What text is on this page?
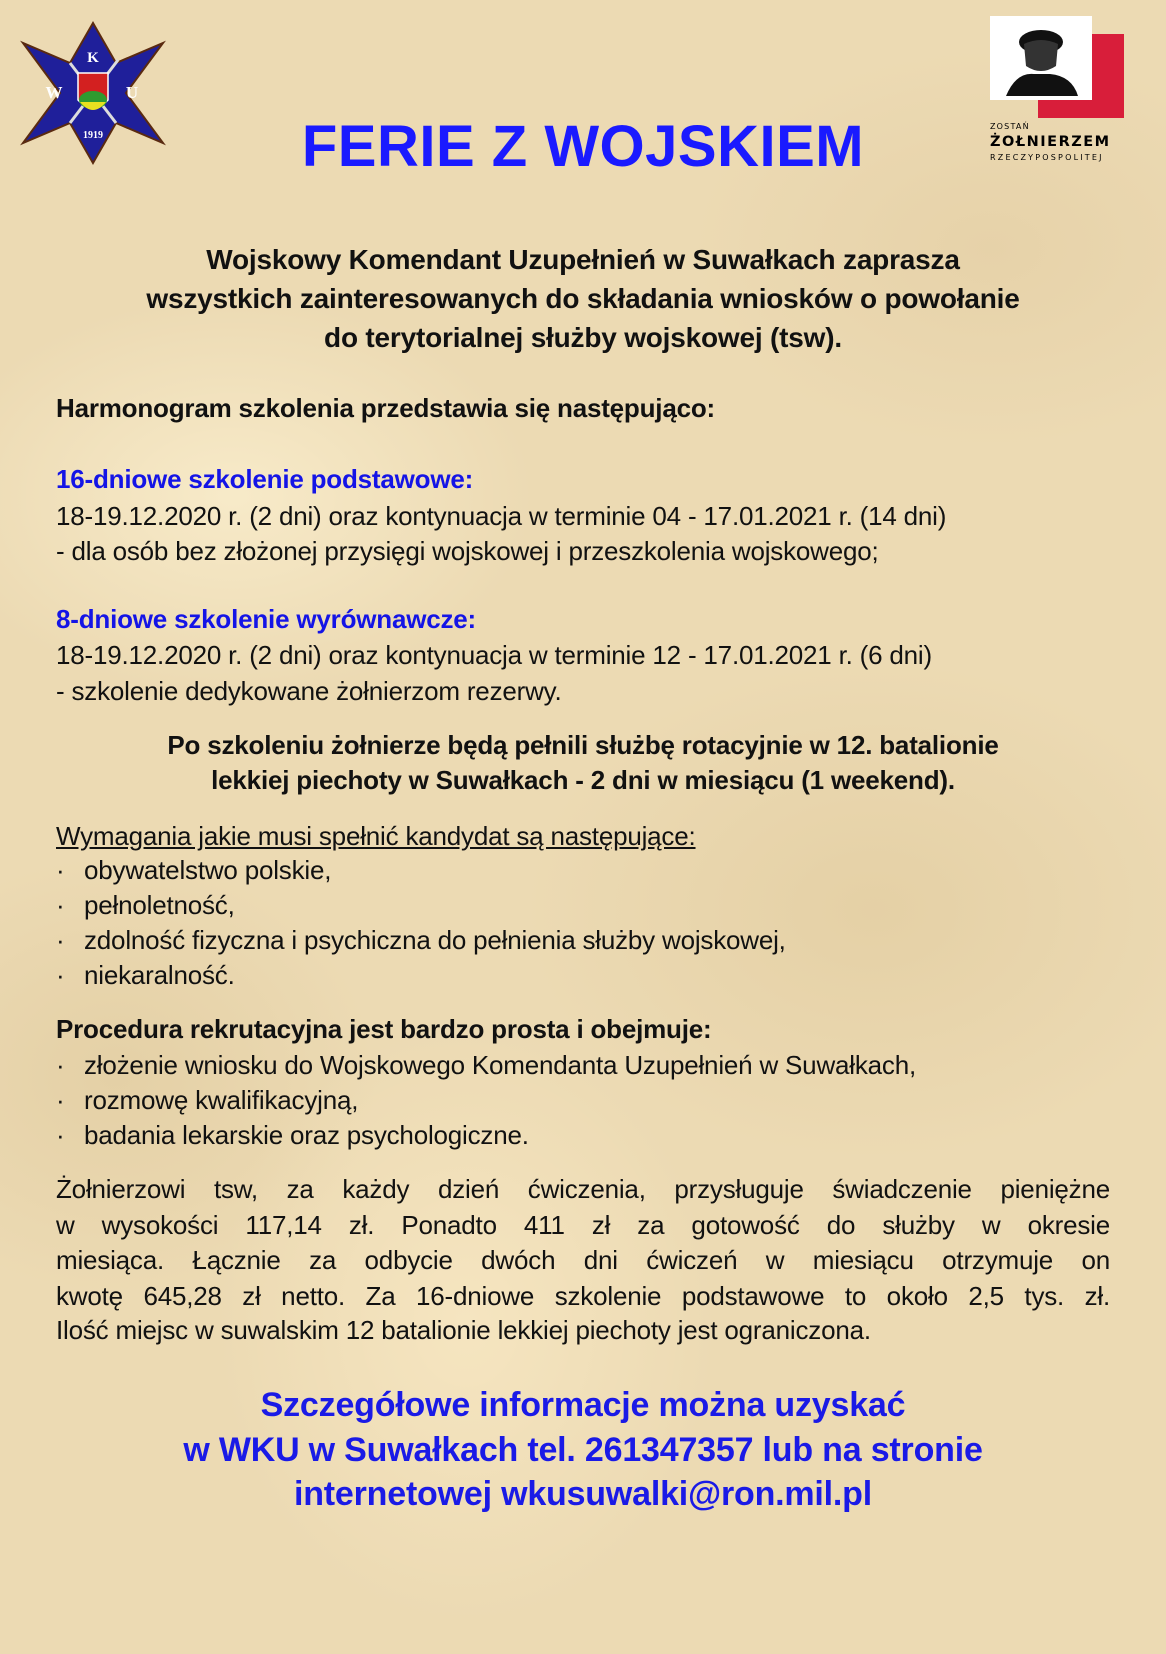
K
W	U
1919
ZOSTAŃ
ŻOŁNIERZEM
RZECZYPOSPOLITEJ
FERIE Z WOJSKIEM
Wojskowy Komendant Uzupełnień w Suwałkach zaprasza
wszystkich zainteresowanych do składania wniosków o powołanie
do terytorialnej służby wojskowej (tsw).
Harmonogram szkolenia przedstawia się następująco:
16-dniowe szkolenie podstawowe:
18-19.12.2020 r. (2 dni) oraz kontynuacja w terminie 04 - 17.01.2021 r. (14 dni)
- dla osób bez złożonej przysięgi wojskowej i przeszkolenia wojskowego;
8-dniowe szkolenie wyrównawcze:
18-19.12.2020 r. (2 dni) oraz kontynuacja w terminie 12 - 17.01.2021 r. (6 dni)
- szkolenie dedykowane żołnierzom rezerwy.
Po szkoleniu żołnierze będą pełnili służbę rotacyjnie w 12. batalionie
lekkiej piechoty w Suwałkach - 2 dni w miesiącu (1 weekend).
Wymagania jakie musi spełnić kandydat są następujące:
· obywatelstwo polskie,
· pełnoletność,
· zdolność fizyczna i psychiczna do pełnienia służby wojskowej,
· niekaralność.
Procedura rekrutacyjna jest bardzo prosta i obejmuje:
· złożenie wniosku do Wojskowego Komendanta Uzupełnień w Suwałkach,
· rozmowę kwalifikacyjną,
· badania lekarskie oraz psychologiczne.
Żołnierzowi tsw, za każdy dzień ćwiczenia, przysługuje świadczenie pieniężne
w wysokości 117,14 zł. Ponadto 411 zł za gotowość do służby w okresie
miesiąca. Łącznie za odbycie dwóch dni ćwiczeń w miesiącu otrzymuje on
kwotę 645,28 zł netto. Za 16-dniowe szkolenie podstawowe to około 2,5 tys. zł.
Ilość miejsc w suwalskim 12 batalionie lekkiej piechoty jest ograniczona.
Szczegółowe informacje można uzyskać
w WKU w Suwałkach tel. 261347357 lub na stronie
internetowej wkusuwalki@ron.mil.pl
